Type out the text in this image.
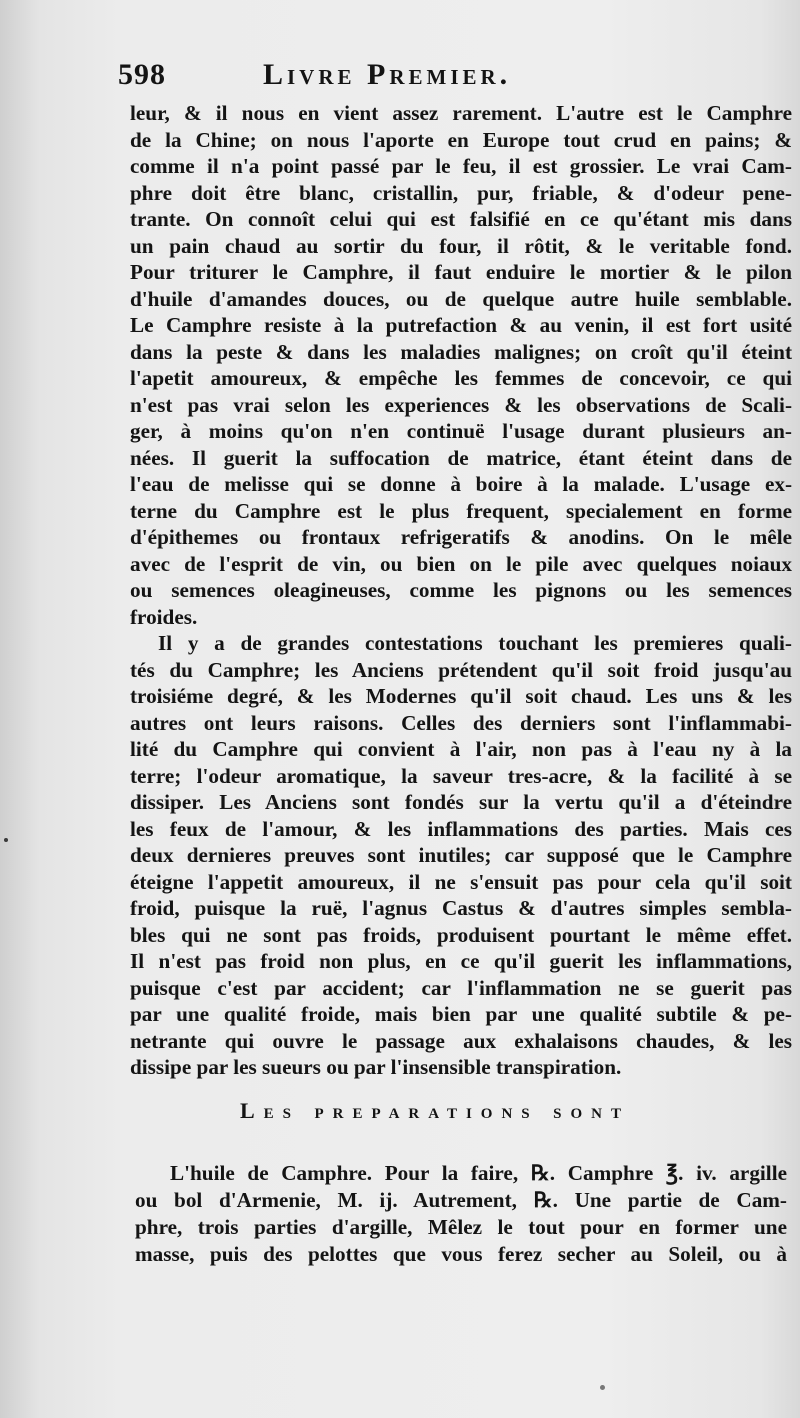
598	Livre Premier.
leur, & il nous en vient assez rarement. L'autre est le Camphre
de la Chine; on nous l'aporte en Europe tout crud en pains; &
comme il n'a point passé par le feu, il est grossier. Le vrai Cam-
phre doit être blanc, cristallin, pur, friable, & d'odeur pene-
trante. On connoît celui qui est falsifié en ce qu'étant mis dans
un pain chaud au sortir du four, il rôtit, & le veritable fond.
Pour triturer le Camphre, il faut enduire le mortier & le pilon
d'huile d'amandes douces, ou de quelque autre huile semblable.
Le Camphre resiste à la putrefaction & au venin, il est fort usité
dans la peste & dans les maladies malignes; on croît qu'il éteint
l'apetit amoureux, & empêche les femmes de concevoir, ce qui
n'est pas vrai selon les experiences & les observations de Scali-
ger, à moins qu'on n'en continuë l'usage durant plusieurs an-
nées. Il guerit la suffocation de matrice, étant éteint dans de
l'eau de melisse qui se donne à boire à la malade. L'usage ex-
terne du Camphre est le plus frequent, specialement en forme
d'épithemes ou frontaux refrigeratifs & anodins. On le mêle
avec de l'esprit de vin, ou bien on le pile avec quelques noiaux
ou semences oleagineuses, comme les pignons ou les semences
froides.
Il y a de grandes contestations touchant les premieres quali-
tés du Camphre; les Anciens prétendent qu'il soit froid jusqu'au
troisiéme degré, & les Modernes qu'il soit chaud. Les uns & les
autres ont leurs raisons. Celles des derniers sont l'inflammabi-
lité du Camphre qui convient à l'air, non pas à l'eau ny à la
terre; l'odeur aromatique, la saveur tres-acre, & la facilité à se
dissiper. Les Anciens sont fondés sur la vertu qu'il a d'éteindre
les feux de l'amour, & les inflammations des parties. Mais ces
deux dernieres preuves sont inutiles; car supposé que le Camphre
éteigne l'appetit amoureux, il ne s'ensuit pas pour cela qu'il soit
froid, puisque la ruë, l'agnus Castus & d'autres simples sembla-
bles qui ne sont pas froids, produisent pourtant le même effet.
Il n'est pas froid non plus, en ce qu'il guerit les inflammations,
puisque c'est par accident; car l'inflammation ne se guerit pas
par une qualité froide, mais bien par une qualité subtile & pe-
netrante qui ouvre le passage aux exhalaisons chaudes, & les
dissipe par les sueurs ou par l'insensible transpiration.
Les preparations sont
L'huile de Camphre. Pour la faire, ℞. Camphre ℥. iv. argille
ou bol d'Armenie, M. ij. Autrement, ℞. Une partie de Cam-
phre, trois parties d'argille, Mêlez le tout pour en former une
masse, puis des pelottes que vous ferez secher au Soleil, ou à
